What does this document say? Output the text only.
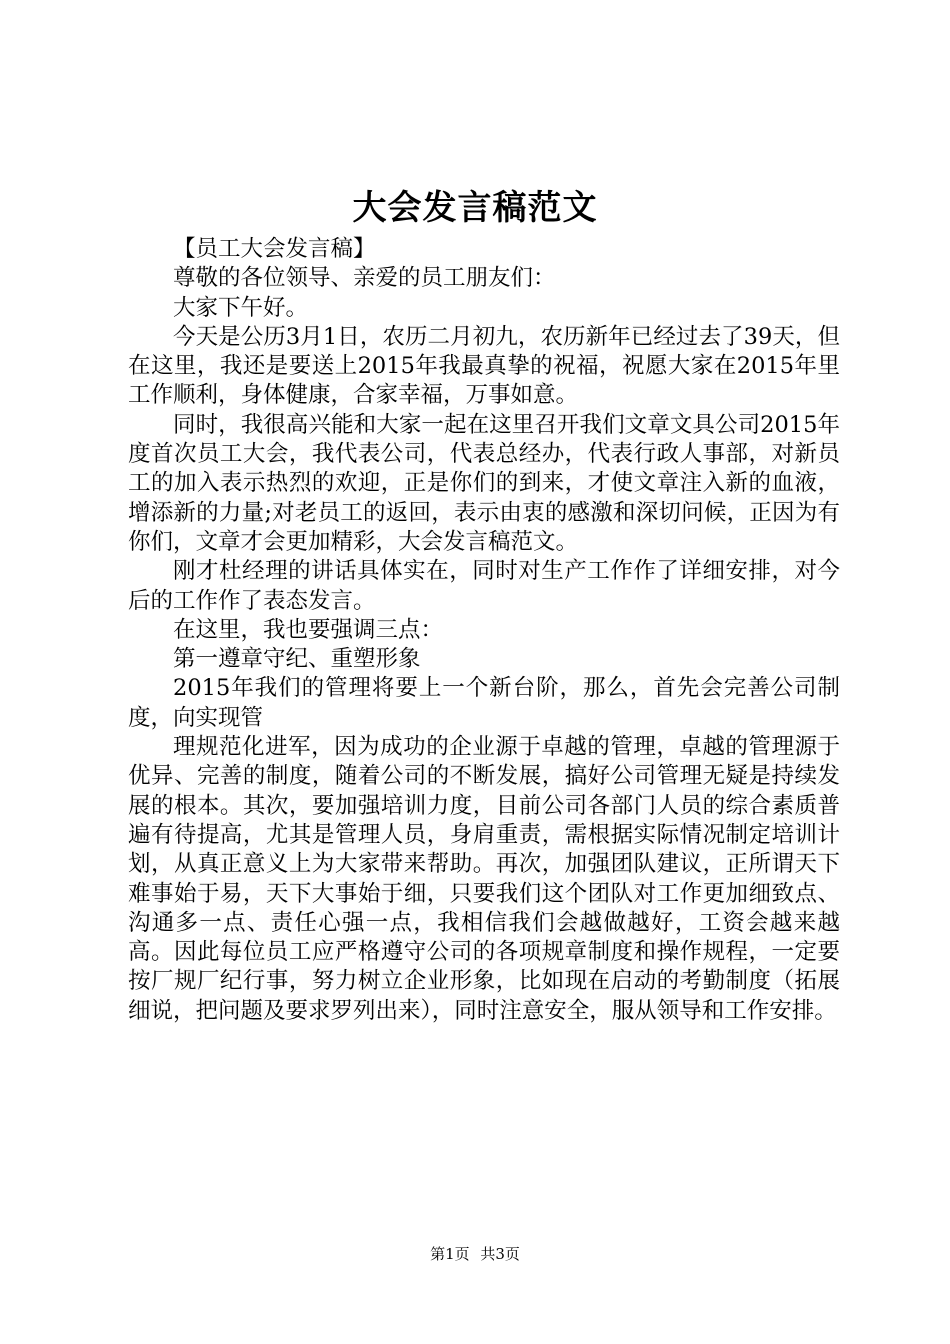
大会发言稿范文

【员工大会发言稿】

尊敬的各位领导、亲爱的员工朋友们：

大家下午好。

今天是公历3月1日，农历二月初九，农历新年已经过去了39天，但在这里，我还是要送上2015年我最真挚的祝福，祝愿大家在2015年里工作顺利，身体健康，合家幸福，万事如意。

同时，我很高兴能和大家一起在这里召开我们文章文具公司2015年度首次员工大会，我代表公司，代表总经办，代表行政人事部，对新员工的加入表示热烈的欢迎，正是你们的到来，才使文章注入新的血液，增添新的力量;对老员工的返回，表示由衷的感激和深切问候，正因为有你们，文章才会更加精彩，大会发言稿范文。

刚才杜经理的讲话具体实在，同时对生产工作作了详细安排，对今后的工作作了表态发言。

在这里，我也要强调三点：

第一遵章守纪、重塑形象

2015年我们的管理将要上一个新台阶，那么，首先会完善公司制度，向实现管

理规范化进军，因为成功的企业源于卓越的管理，卓越的管理源于优异、完善的制度，随着公司的不断发展，搞好公司管理无疑是持续发展的根本。其次，要加强培训力度，目前公司各部门人员的综合素质普遍有待提高，尤其是管理人员，身肩重责，需根据实际情况制定培训计划，从真正意义上为大家带来帮助。再次，加强团队建议，正所谓天下难事始于易，天下大事始于细，只要我们这个团队对工作更加细致点、沟通多一点、责任心强一点，我相信我们会越做越好，工资会越来越高。因此每位员工应严格遵守公司的各项规章制度和操作规程，一定要按厂规厂纪行事，努力树立企业形象，比如现在启动的考勤制度（拓展细说，把问题及要求罗列出来），同时注意安全，服从领导和工作安排。

第1页 共3页
